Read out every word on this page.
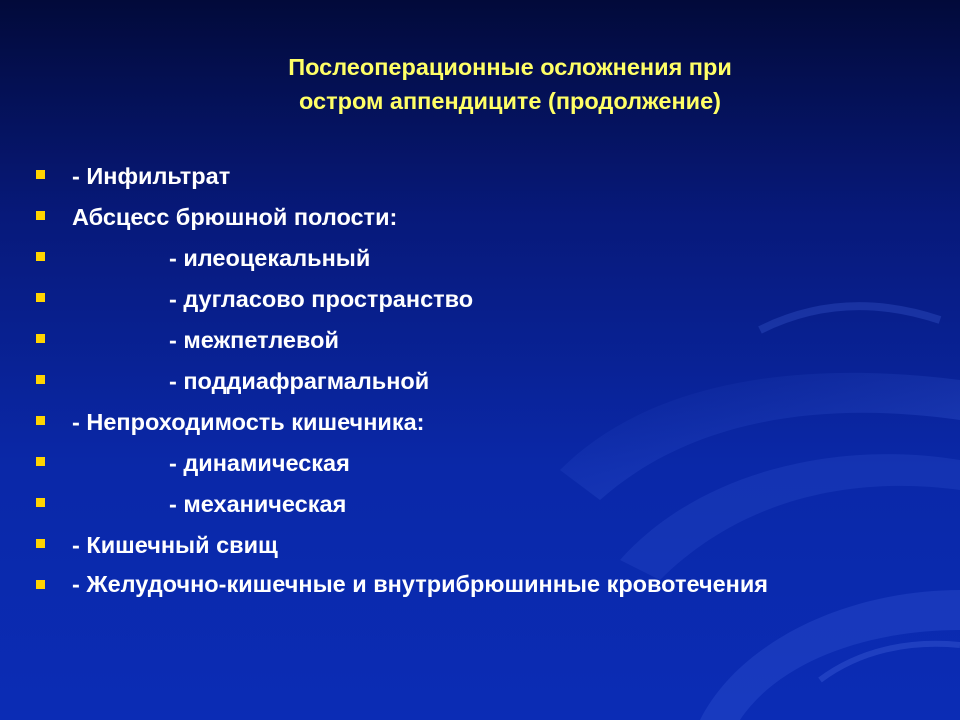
Послеоперационные осложнения при
остром аппендиците (продолжение)
- Инфильтрат
Абсцесс брюшной полости:
- илеоцекальный
- дугласово пространство
- межпетлевой
- поддиафрагмальной
- Непроходимость кишечника:
- динамическая
- механическая
- Кишечный свищ
- Желудочно-кишечные и внутрибрюшинные кровотечения
